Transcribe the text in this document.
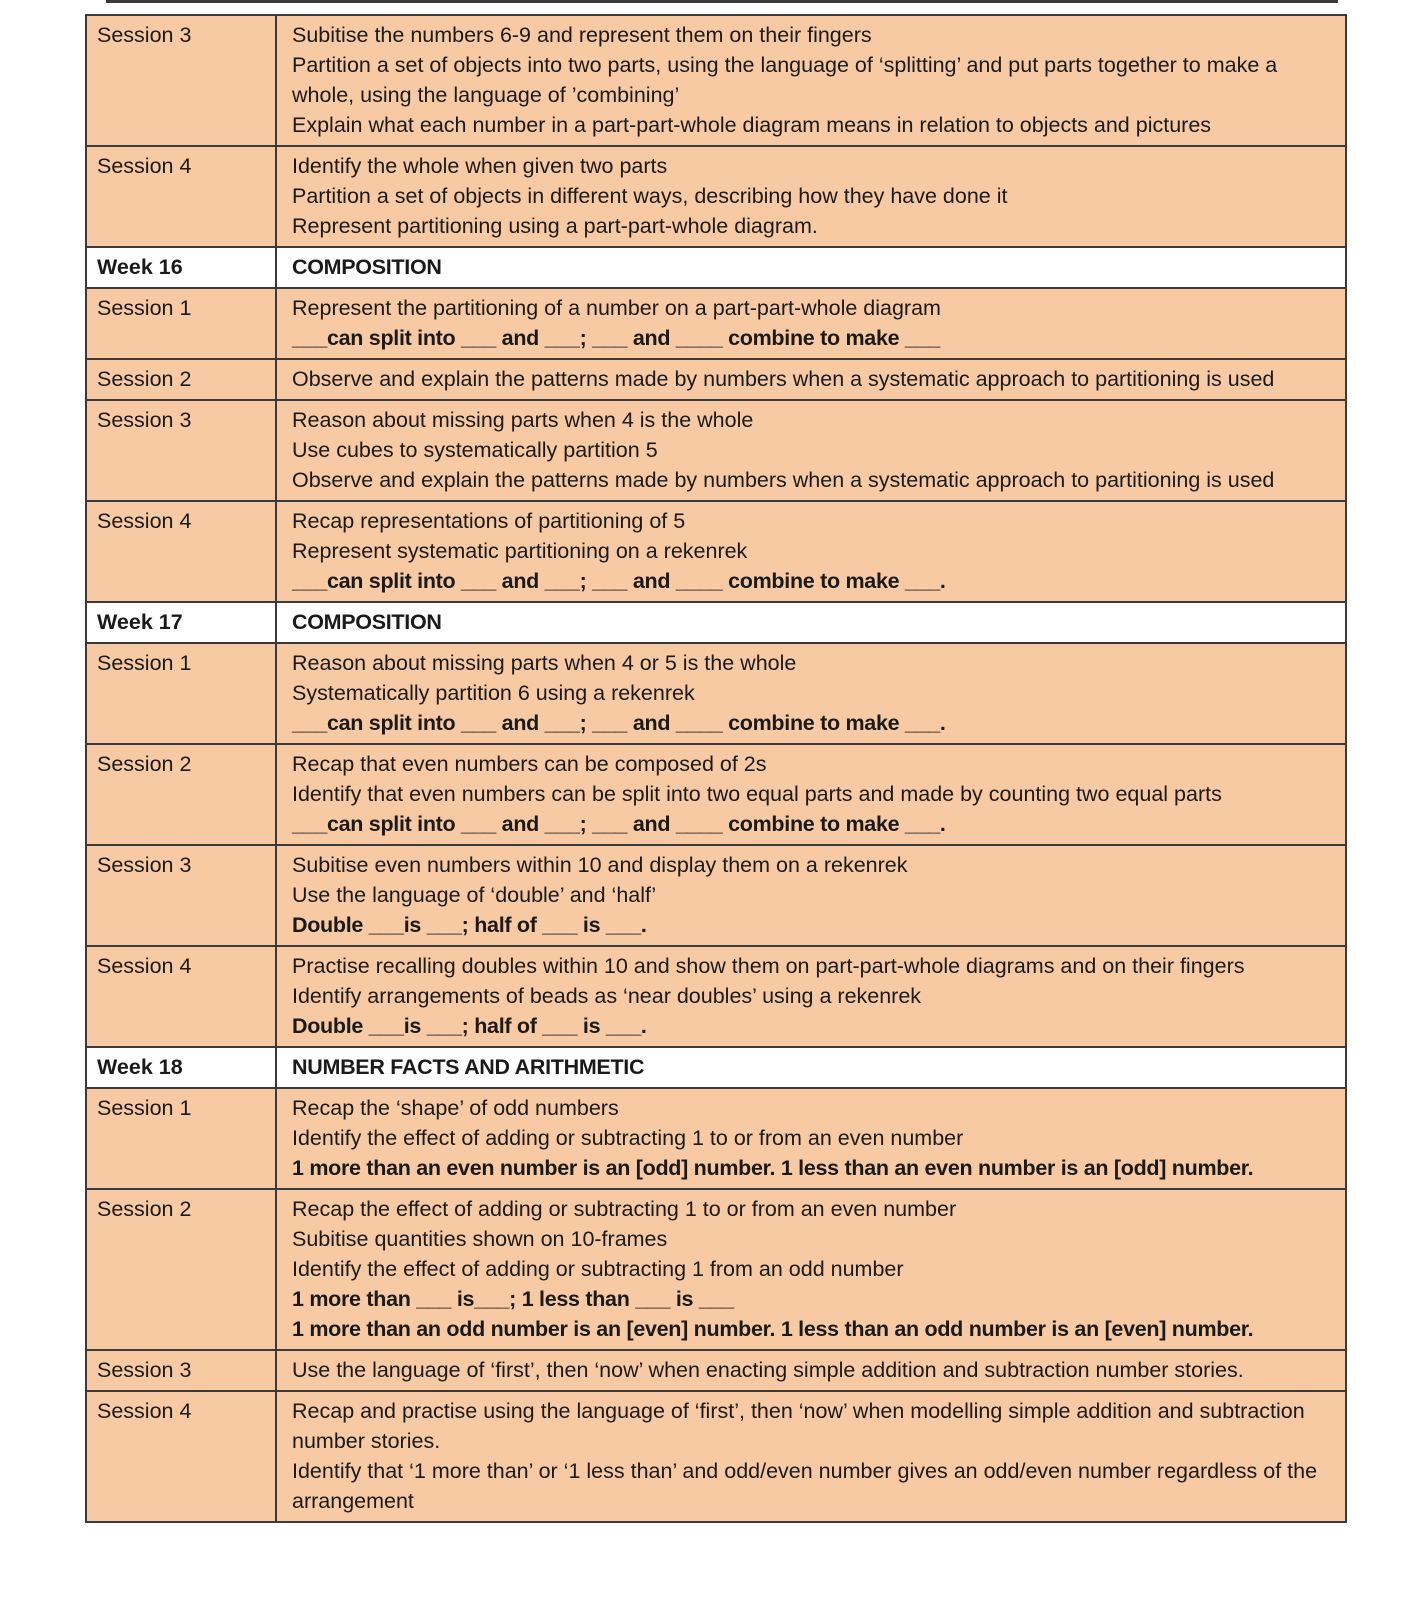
Session 3	Subitise the numbers 6-9 and represent them on their fingers
Partition a set of objects into two parts, using the language of ‘splitting’ and put parts together to make a whole, using the language of ’combining’
Explain what each number in a part-part-whole diagram means in relation to objects and pictures
Session 4	Identify the whole when given two parts
Partition a set of objects in different ways, describing how they have done it
Represent partitioning using a part-part-whole diagram.
Week 16	COMPOSITION
Session 1	Represent the partitioning of a number on a part-part-whole diagram
___can split into ___ and ___; ___ and ____ combine to make ___
Session 2	Observe and explain the patterns made by numbers when a systematic approach to partitioning is used
Session 3	Reason about missing parts when 4 is the whole
Use cubes to systematically partition 5
Observe and explain the patterns made by numbers when a systematic approach to partitioning is used
Session 4	Recap representations of partitioning of 5
Represent systematic partitioning on a rekenrek
___can split into ___ and ___; ___ and ____ combine to make ___.
Week 17	COMPOSITION
Session 1	Reason about missing parts when 4 or 5 is the whole
Systematically partition 6 using a rekenrek
___can split into ___ and ___; ___ and ____ combine to make ___.
Session 2	Recap that even numbers can be composed of 2s
Identify that even numbers can be split into two equal parts and made by counting two equal parts
___can split into ___ and ___; ___ and ____ combine to make ___.
Session 3	Subitise even numbers within 10 and display them on a rekenrek
Use the language of ‘double’ and ‘half’
Double ___is ___; half of ___ is ___.
Session 4	Practise recalling doubles within 10 and show them on part-part-whole diagrams and on their fingers
Identify arrangements of beads as ‘near doubles’ using a rekenrek
Double ___is ___; half of ___ is ___.
Week 18	NUMBER FACTS AND ARITHMETIC
Session 1	Recap the ‘shape’ of odd numbers
Identify the effect of adding or subtracting 1 to or from an even number
1 more than an even number is an [odd] number. 1 less than an even number is an [odd] number.
Session 2	Recap the effect of adding or subtracting 1 to or from an even number
Subitise quantities shown on 10-frames
Identify the effect of adding or subtracting 1 from an odd number
1 more than ___ is___; 1 less than ___ is ___
1 more than an odd number is an [even] number. 1 less than an odd number is an [even] number.
Session 3	Use the language of ‘first’, then ‘now’ when enacting simple addition and subtraction number stories.
Session 4	Recap and practise using the language of ‘first’, then ‘now’ when modelling simple addition and subtraction number stories.
Identify that ‘1 more than’ or ‘1 less than’ and odd/even number gives an odd/even number regardless of the arrangement
